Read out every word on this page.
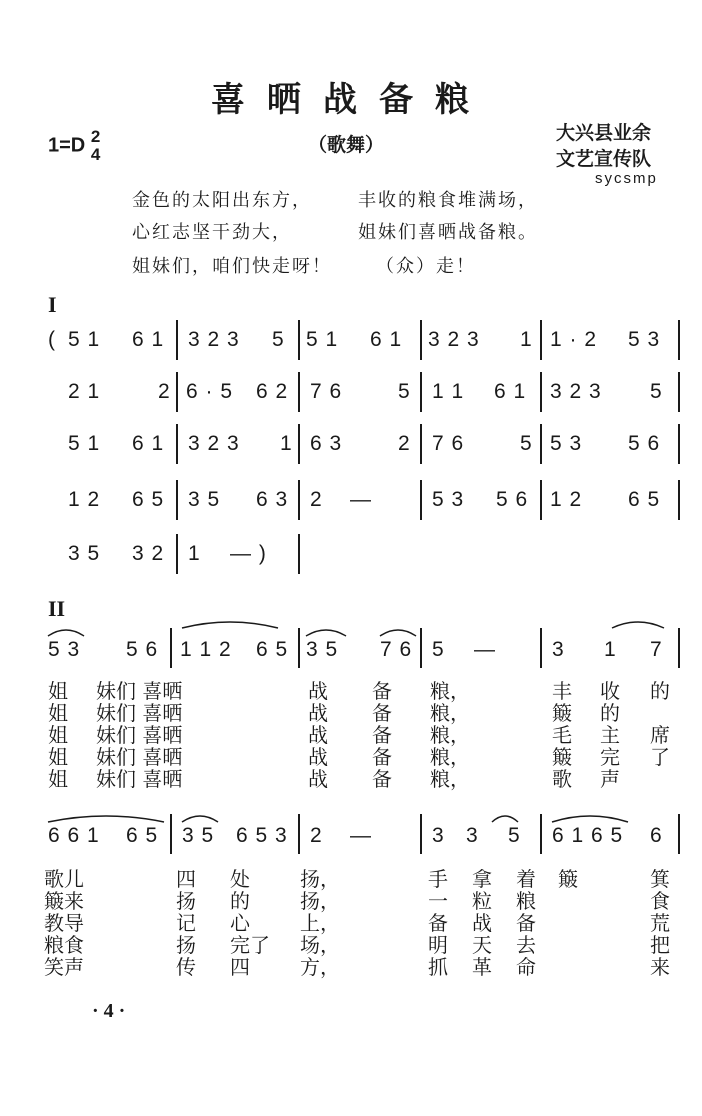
喜晒战备粮
1=D 2
4	（歌舞）
大兴县业余
文艺宣传队
sycsmp
金色的太阳出东方，	丰收的粮食堆满场，
心红志坚干劲大，	姐妹们喜晒战备粮。
姐妹们，咱们快走呀！ （众）走！
I
( 5 1 6 1 3 2 3 5 5 1 6 1 3 2 3 1 1 · 2 5 3
2 1	2 6 · 5 6 2 7 6	5 1 1 6 1 3 2 3 5
5 1 6 1 3 2 3 1 6 3	2 7 6	5 5 3 5 6
1 2 6 5 3 5 6 3 2 —	5 3 5 6 1 2 6 5
3 5 3 2 1 — )
II
5 3 5 6 1 1 2 6 5 3 5 7 6 5 —	3 1 7
姐 妹们 喜晒	战 备 粮，	丰 收 的
姐 妹们 喜晒	战 备 粮，	簸 的
姐 妹们 喜晒	战 备 粮，	毛 主 席
姐 妹们 喜晒	战 备 粮，	簸 完 了
姐 妹们 喜晒	战 备 粮，	歌 声
6 6 1 6 5 3 5 6 5 3 2 —	3 3 5 6 1 6 5 6
歌儿	四 处	扬，	手 拿 着 簸	箕
簸来	扬 的	扬，	一 粒 粮	食
教导	记 心	上，	备 战 备	荒
粮食	扬 完了 场，	明 天 去	把
笑声	传 四	方，	抓 革 命	来
· 4 ·
